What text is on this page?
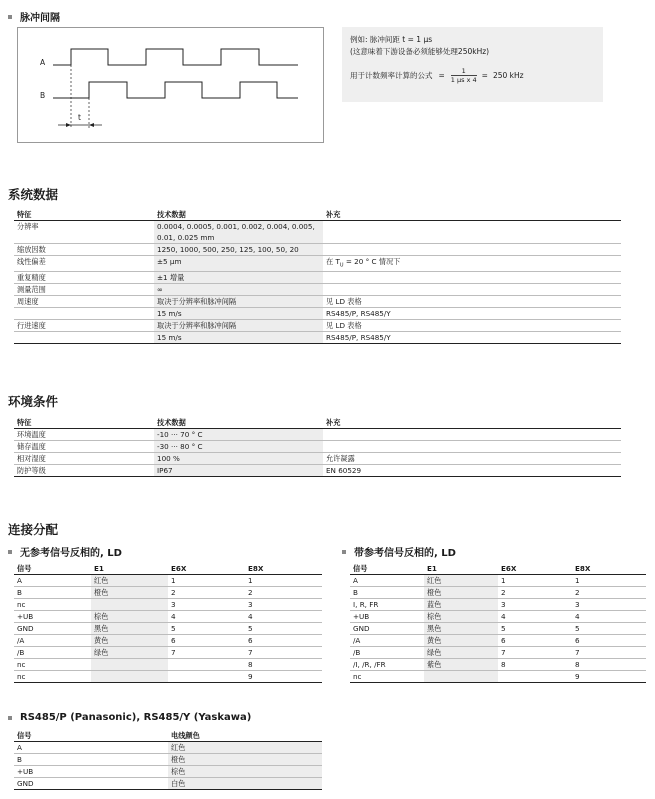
脉冲间隔
A
B
t
例如: 脉冲间距 t = 1 µs
(这意味着下游设备必须能够处理250kHz)
用于计数频率计算的公式 = $\frac{1}{\text{1 µs x 4}} = 250$ kHz
系统数据
特征	技术数据	补充
分辨率	0.0004, 0.0005, 0.001, 0.002, 0.004, 0.005, 0.01, 0.025 mm	
缩放因数	1250, 1000, 500, 250, 125, 100, 50, 20	
线性偏差	±5 µm	在 $T_U = 20$ ° C 情况下
重复精度	±1 增量	
测量范围	∞	
周速度	取决于分辨率和脉冲间隔	见 LD 表格
	15 m/s	RS485/P, RS485/Y
行进速度	取决于分辨率和脉冲间隔	见 LD 表格
	15 m/s	RS485/P, RS485/Y
环境条件
特征	技术数据	补充
环境温度	-10 ··· 70 ° C	
储存温度	-30 ··· 80 ° C	
相对湿度	100 %	允许凝露
防护等级	IP67	EN 60529
连接分配
无参考信号反相的, LD	带参考信号反相的, LD
信号	E1	E6X	E8X
A	红色	1	1
B	橙色	2	2
nc		3	3
+UB	棕色	4	4
GND	黑色	5	5
/A	黄色	6	6
/B	绿色	7	7
nc			8
nc			9
信号	E1	E6X	E8X
A	红色	1	1
B	橙色	2	2
I, R, FR	蓝色	3	3
+UB	棕色	4	4
GND	黑色	5	5
/A	黄色	6	6
/B	绿色	7	7
/I, /R, /FR	紫色	8	8
nc			9
RS485/P (Panasonic), RS485/Y (Yaskawa)
信号	电线颜色
A	红色
B	橙色
+UB	棕色
GND	白色
